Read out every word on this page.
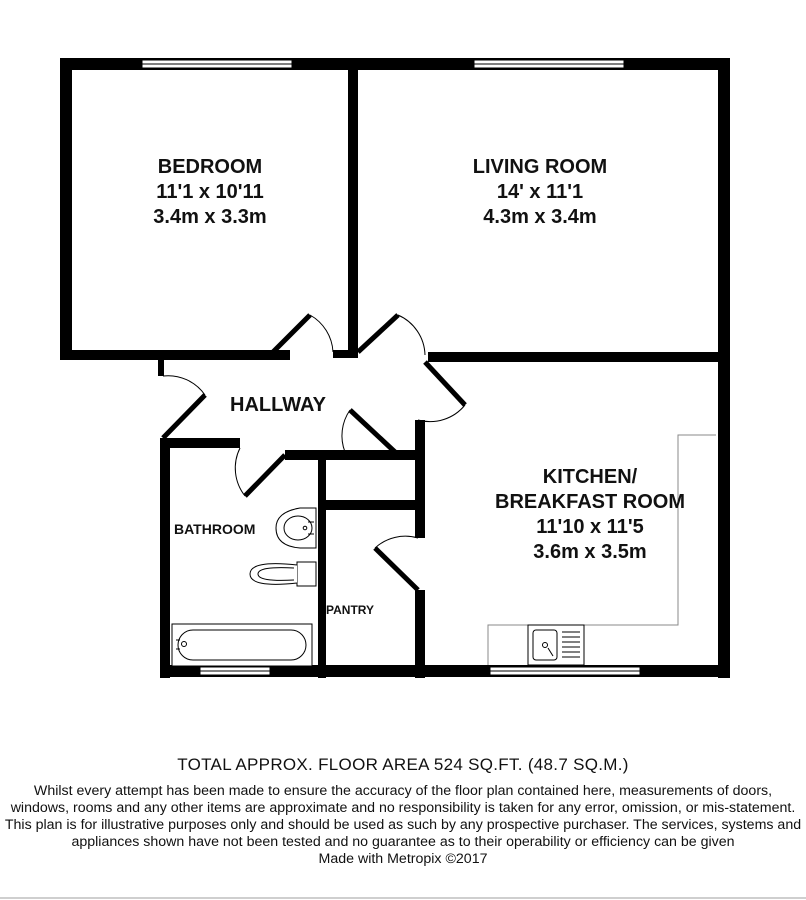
BEDROOM
11'1 x 10'11
3.4m x 3.3m
LIVING ROOM
14' x 11'1
4.3m x 3.4m
KITCHEN/
BREAKFAST ROOM
11'10 x 11'5
3.6m x 3.5m
HALLWAY
BATHROOM
PANTRY
TOTAL APPROX. FLOOR AREA 524 SQ.FT. (48.7 SQ.M.)
Whilst every attempt has been made to ensure the accuracy of the floor plan contained here, measurements of doors, windows, rooms and any other items are approximate and no responsibility is taken for any error, omission, or mis-statement. This plan is for illustrative purposes only and should be used as such by any prospective purchaser. The services, systems and appliances shown have not been tested and no guarantee as to their operability or efficiency can be given
Made with Metropix ©2017
